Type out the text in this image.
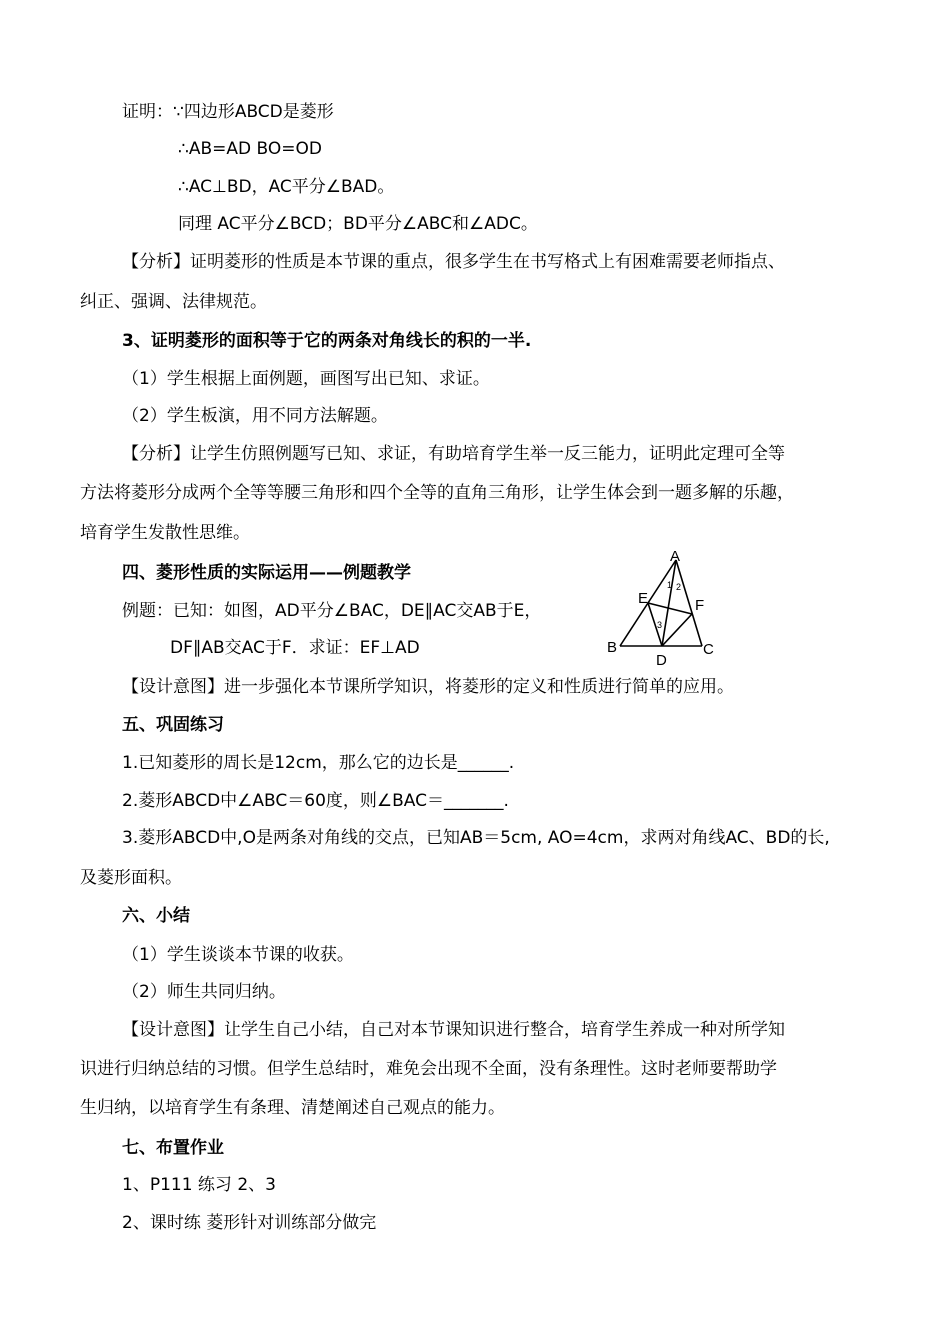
证明：∵四边形ABCD是菱形
∴AB=AD BO=OD
∴AC⊥BD，AC平分∠BAD。
同理 AC平分∠BCD；BD平分∠ABC和∠ADC。
【分析】证明菱形的性质是本节课的重点，很多学生在书写格式上有困难需要老师指点、
纠正、强调、法律规范。
3、证明菱形的面积等于它的两条对角线长的积的一半.
（1）学生根据上面例题，画图写出已知、求证。
（2）学生板演，用不同方法解题。
【分析】让学生仿照例题写已知、求证，有助培育学生举一反三能力，证明此定理可全等
方法将菱形分成两个全等等腰三角形和四个全等的直角三角形，让学生体会到一题多解的乐趣，
培育学生发散性思维。
四、菱形性质的实际运用——例题教学
例题：已知：如图，AD平分∠BAC，DE∥AC交AB于E，
DF∥AB交AC于F．求证：EF⊥AD
A
B	C
D
E	F
1 2
3
【设计意图】进一步强化本节课所学知识，将菱形的定义和性质进行简单的应用。
五、巩固练习
1.已知菱形的周长是12cm，那么它的边长是______.
2.菱形ABCD中∠ABC＝60度，则∠BAC＝_______.
3.菱形ABCD中,O是两条对角线的交点，已知AB＝5cm, AO=4cm，求两对角线AC、BD的长,
及菱形面积。
六、小结
（1）学生谈谈本节课的收获。
（2）师生共同归纳。
【设计意图】让学生自己小结，自己对本节课知识进行整合，培育学生养成一种对所学知
识进行归纳总结的习惯。但学生总结时，难免会出现不全面，没有条理性。这时老师要帮助学
生归纳，以培育学生有条理、清楚阐述自己观点的能力。
七、布置作业
1、P111 练习 2、3
2、课时练 菱形针对训练部分做完
